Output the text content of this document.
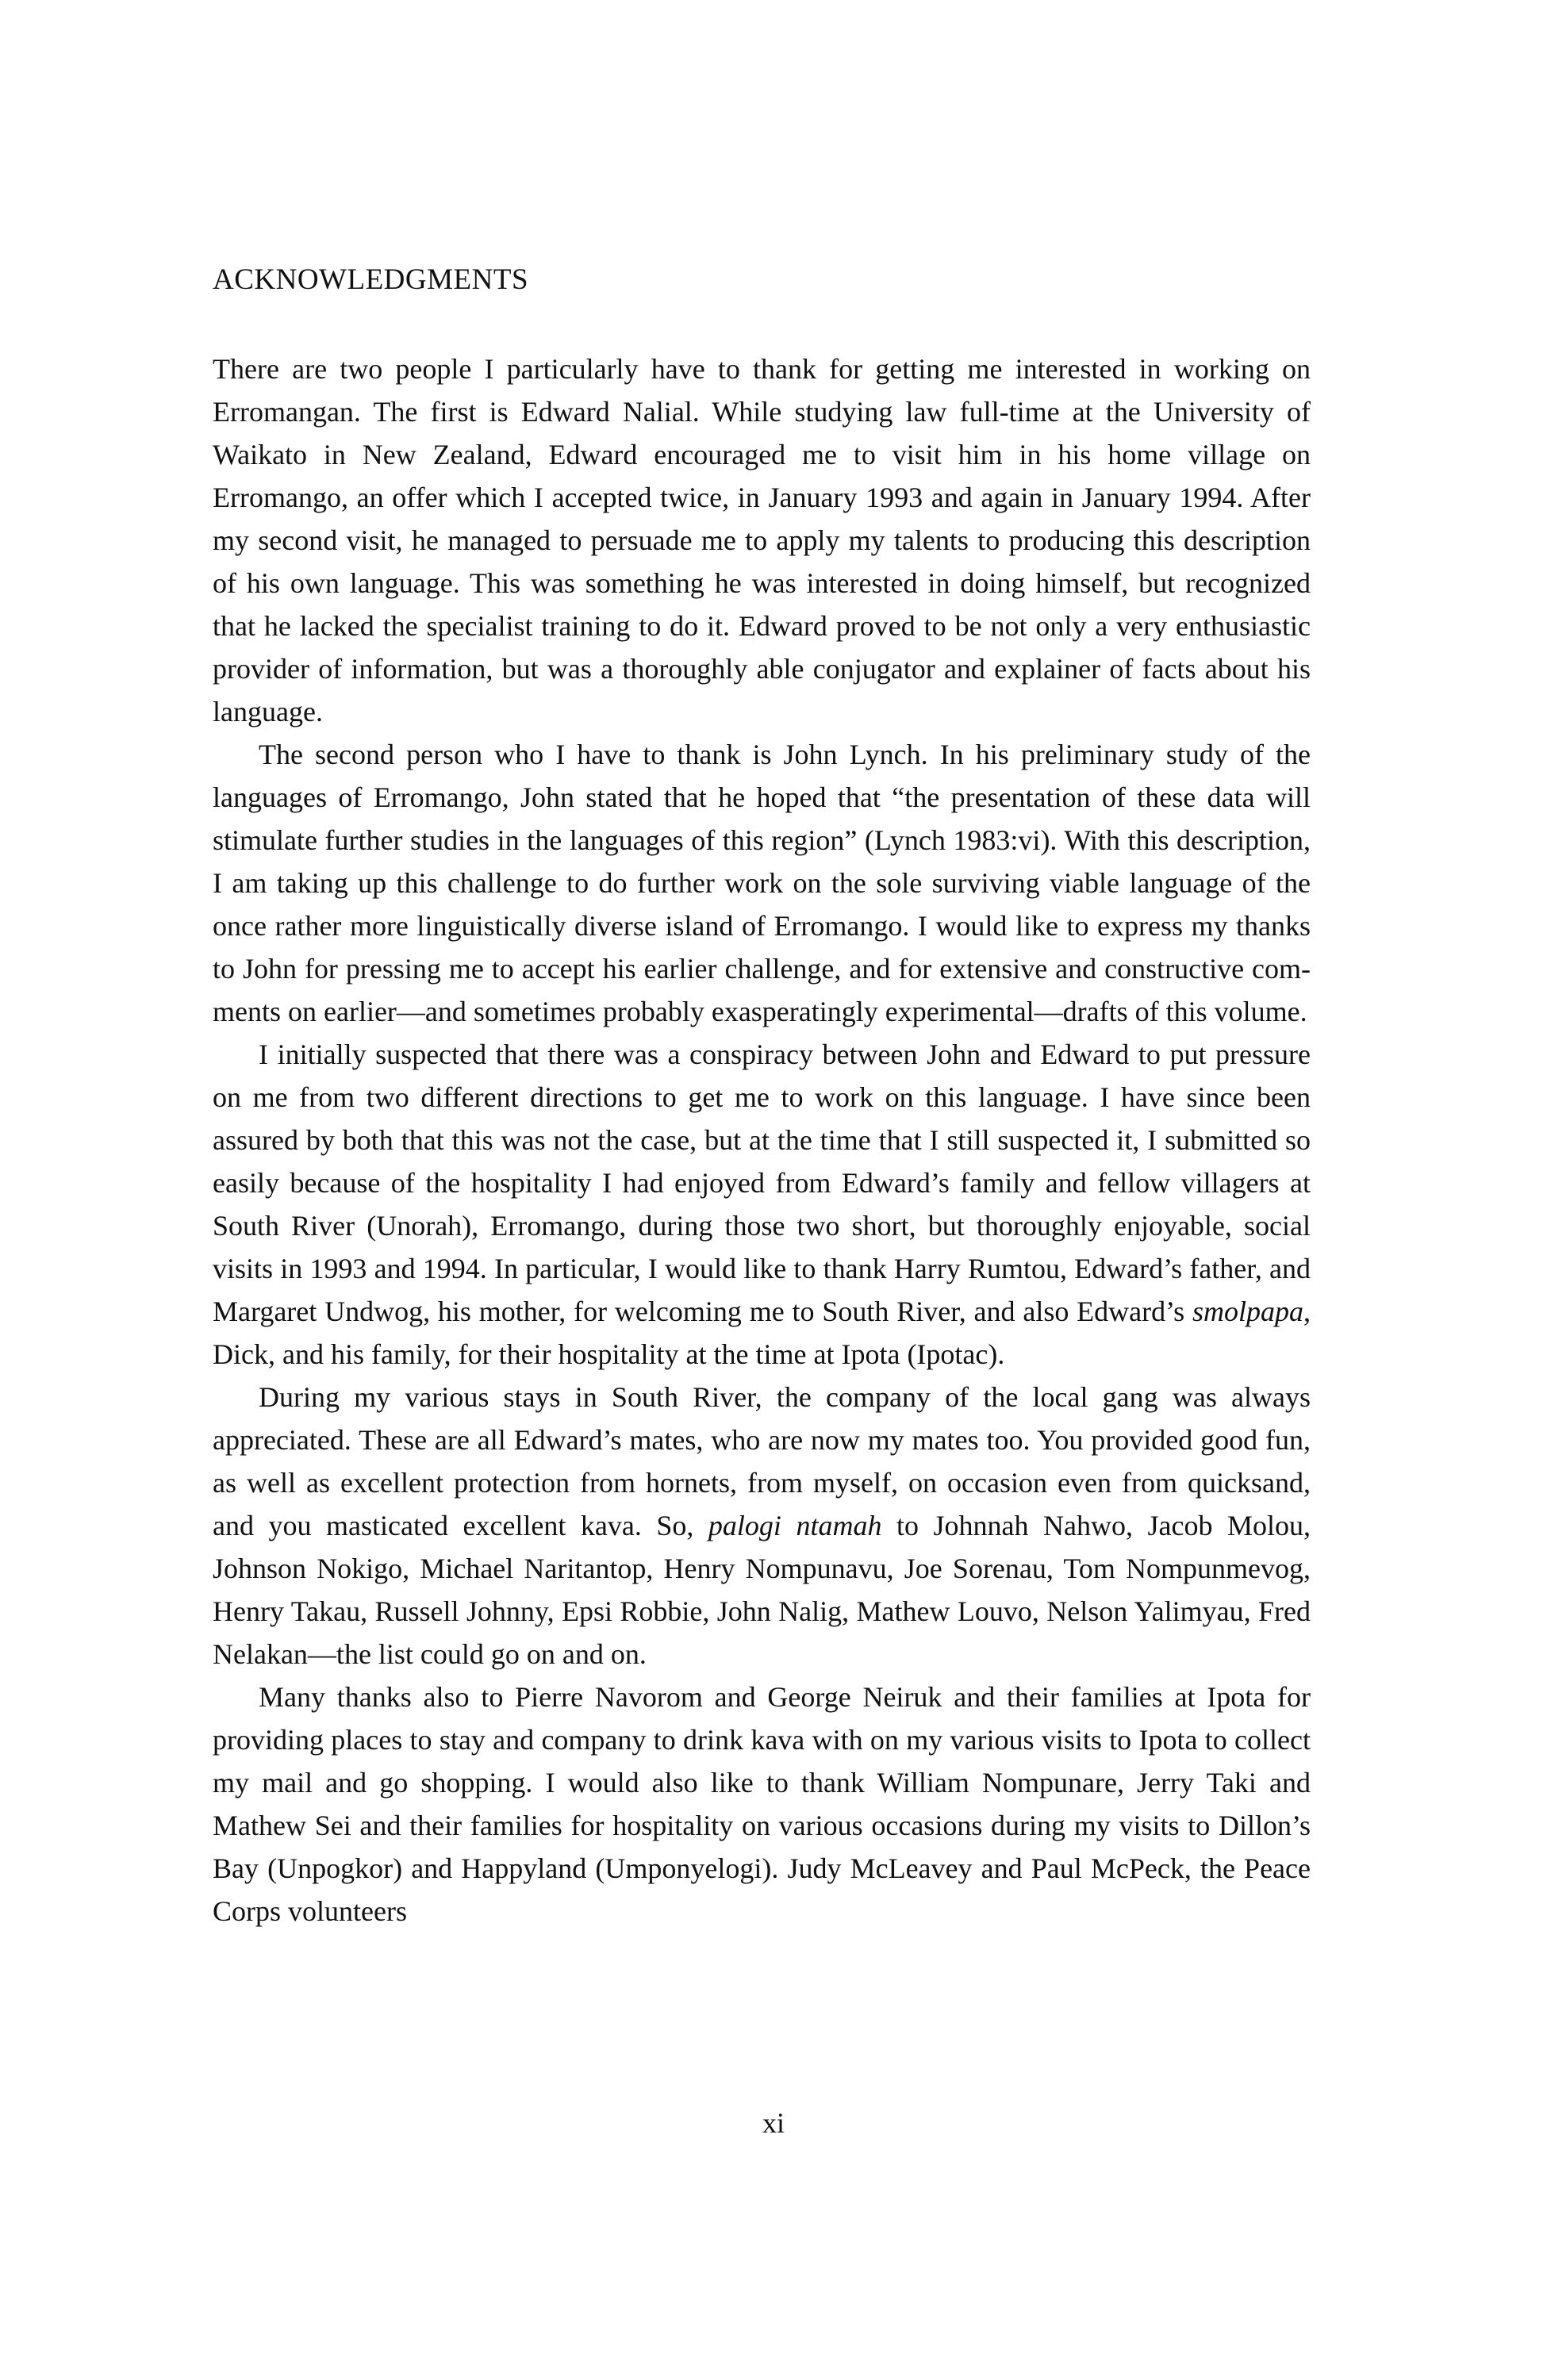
ACKNOWLEDGMENTS

There are two people I particularly have to thank for getting me interested in working on Erromangan. The first is Edward Nalial. While studying law full-time at the University of Waikato in New Zealand, Edward encouraged me to visit him in his home village on Erromango, an offer which I accepted twice, in January 1993 and again in January 1994. After my second visit, he managed to persuade me to apply my talents to producing this description of his own language. This was something he was interested in doing himself, but recognized that he lacked the specialist training to do it. Edward proved to be not only a very enthusiastic provider of information, but was a thoroughly able conjugator and explainer of facts about his language.

The second person who I have to thank is John Lynch. In his preliminary study of the languages of Erromango, John stated that he hoped that “the presentation of these data will stimulate further studies in the languages of this region” (Lynch 1983:vi). With this description, I am taking up this challenge to do further work on the sole surviving viable language of the once rather more linguistically diverse island of Erromango. I would like to express my thanks to John for pressing me to accept his earlier challenge, and for extensive and constructive comments on earlier—and sometimes probably exasperatingly experimental—drafts of this volume.

I initially suspected that there was a conspiracy between John and Edward to put pressure on me from two different directions to get me to work on this language. I have since been assured by both that this was not the case, but at the time that I still suspected it, I submitted so easily because of the hospitality I had enjoyed from Edward’s family and fellow villagers at South River (Unorah), Erromango, during those two short, but thoroughly enjoyable, social visits in 1993 and 1994. In particular, I would like to thank Harry Rumtou, Edward’s father, and Margaret Undwog, his mother, for welcoming me to South River, and also Edward’s smolpapa, Dick, and his family, for their hospitality at the time at Ipota (Ipotac).

During my various stays in South River, the company of the local gang was always appreciated. These are all Edward’s mates, who are now my mates too. You provided good fun, as well as excellent protection from hornets, from myself, on occasion even from quicksand, and you masticated excellent kava. So, palogi ntamah to Johnnah Nahwo, Jacob Molou, Johnson Nokigo, Michael Naritantop, Henry Nompunavu, Joe Sorenau, Tom Nompunmevog, Henry Takau, Russell Johnny, Epsi Robbie, John Nalig, Mathew Louvo, Nelson Yalimyau, Fred Nelakan—the list could go on and on.

Many thanks also to Pierre Navorom and George Neiruk and their families at Ipota for providing places to stay and company to drink kava with on my various visits to Ipota to collect my mail and go shopping. I would also like to thank William Nompunare, Jerry Taki and Mathew Sei and their families for hospitality on various occasions during my visits to Dillon’s Bay (Unpogkor) and Happyland (Umponyelogi). Judy McLeavey and Paul McPeck, the Peace Corps volunteers

xi
